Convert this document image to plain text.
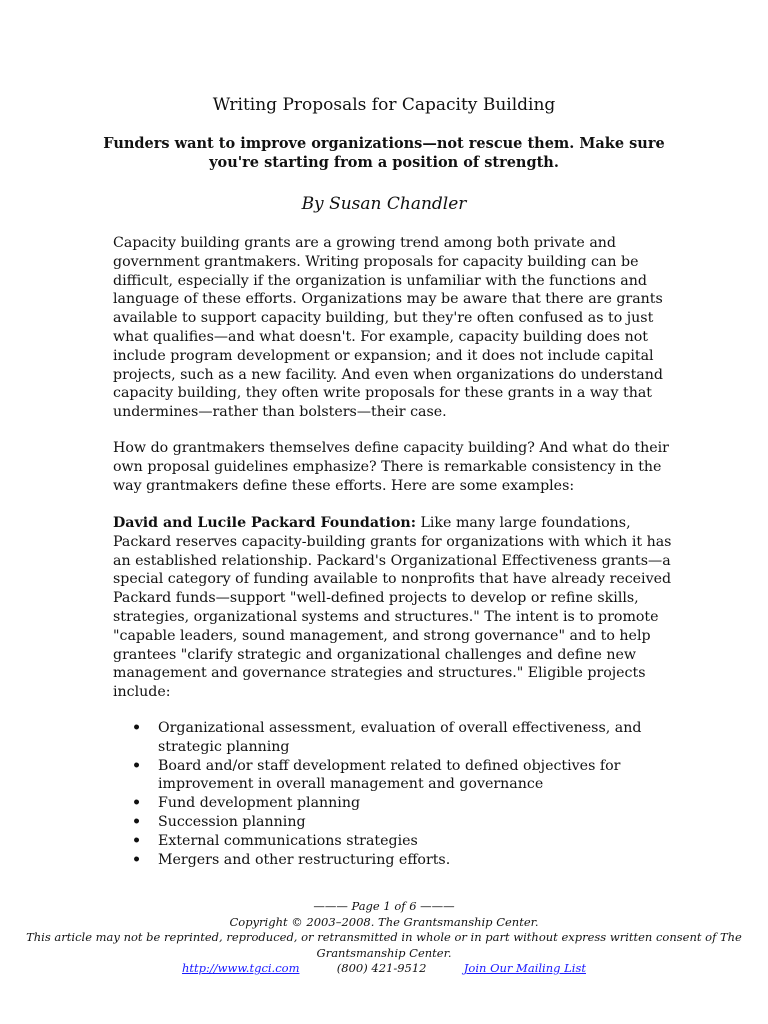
Writing Proposals for Capacity Building
Funders want to improve organizations—not rescue them. Make sure you're starting from a position of strength.
By Susan Chandler

Capacity building grants are a growing trend among both private and government grantmakers. Writing proposals for capacity building can be difficult, especially if the organization is unfamiliar with the functions and language of these efforts. Organizations may be aware that there are grants available to support capacity building, but they're often confused as to just what qualifies—and what doesn't. For example, capacity building does not include program development or expansion; and it does not include capital projects, such as a new facility. And even when organizations do understand capacity building, they often write proposals for these grants in a way that undermines—rather than bolsters—their case.

How do grantmakers themselves define capacity building? And what do their own proposal guidelines emphasize? There is remarkable consistency in the way grantmakers define these efforts. Here are some examples:

David and Lucile Packard Foundation: Like many large foundations, Packard reserves capacity-building grants for organizations with which it has an established relationship. Packard's Organizational Effectiveness grants—a special category of funding available to nonprofits that have already received Packard funds—support "well-defined projects to develop or refine skills, strategies, organizational systems and structures." The intent is to promote "capable leaders, sound management, and strong governance" and to help grantees "clarify strategic and organizational challenges and define new management and governance strategies and structures." Eligible projects include:

• Organizational assessment, evaluation of overall effectiveness, and strategic planning
• Board and/or staff development related to defined objectives for improvement in overall management and governance
• Fund development planning
• Succession planning
• External communications strategies
• Mergers and other restructuring efforts.
——— Page 1 of 6 ———
Copyright © 2003–2008. The Grantsmanship Center.
This article may not be reprinted, reproduced, or retransmitted in whole or in part without express written consent of The Grantsmanship Center.
http://www.tgci.com	(800) 421-9512	Join Our Mailing List
